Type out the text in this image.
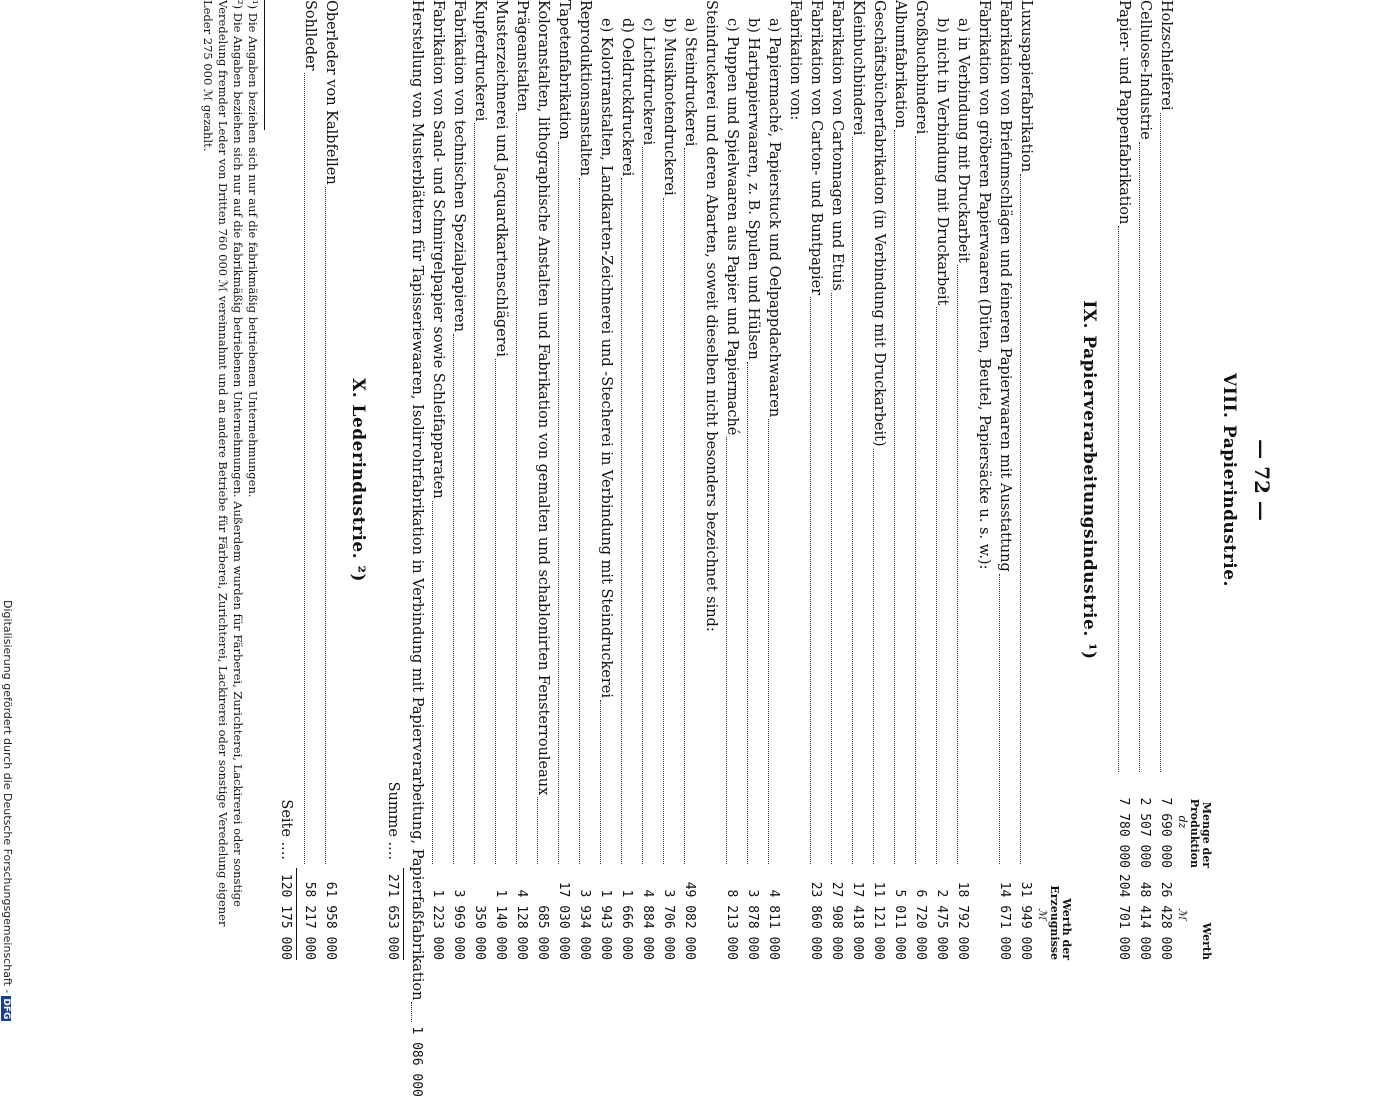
— 72 —
VIII. Papierindustrie.
Menge der Produktion
Werth
dz
ℳ
Holzschleiferei
7 690 000
26 428 000
Cellulose-Industrie
2 507 000
48 414 000
Papier- und Pappenfabrikation
7 780 000
204 701 000
IX. Papierverarbeitungsindustrie. ¹)
Werth der Erzeugnisse
ℳ
Luxuspapierfabrikation
31 949 000
Fabrikation von Briefumschlägen und feineren Papierwaaren mit Ausstattung
14 671 000
Fabrikation von gröberen Papierwaaren (Düten, Beutel, Papiersäcke u. s. w.):
a) in Verbindung mit Druckarbeit
18 792 000
b) nicht in Verbindung mit Druckarbeit
2 475 000
Großbuchbinderei
6 720 000
Albumfabrikation
5 011 000
Geschäftsbücherfabrikation (in Verbindung mit Druckarbeit)
11 121 000
Kleinbuchbinderei
17 418 000
Fabrikation von Cartonnagen und Etuis
27 908 000
Fabrikation von Carton- und Buntpapier
23 860 000
Fabrikation von:
a) Papiermaché, Papierstuck und Oelpappdachwaaren
4 811 000
b) Hartpapierwaaren, z. B. Spulen und Hülsen
3 878 000
c) Puppen und Spielwaaren aus Papier und Papiermaché
8 213 000
Steindruckerei und deren Abarten, soweit dieselben nicht besonders bezeichnet sind:
a) Steindruckerei
49 082 000
b) Musiknotendruckerei
3 706 000
c) Lichtdruckerei
4 884 000
d) Oeldruckdruckerei
1 666 000
e) Koloriranstalten, Landkarten-Zeichnerei und -Stecherei in Verbindung mit Steindruckerei
1 943 000
Reproduktionsanstalten
3 934 000
Tapetenfabrikation
17 030 000
Koloranstalten, lithographische Anstalten und Fabrikation von gemalten und schablonirten Fensterrouleaux
685 000
Prägeanstalten
4 128 000
Musterzeichnerei und Jacquardkartenschlägerei
1 140 000
Kupferdruckerei
350 000
Fabrikation von technischen Spezialpapieren
3 969 000
Fabrikation von Sand- und Schmirgelpapier sowie Schleifapparaten
1 223 000
Herstellung von Musterblättern für Tapisseriewaaren, Isolirrohrfabrikation in Verbindung mit Papierverarbeitung, Papierfaßfabrikation
1 086 000
Summe ....
271 653 000
X. Lederindustrie. ²)
Oberleder von Kalbfellen
61 958 000
Sohlleder
58 217 000
Seite ....
120 175 000
¹) Die Angaben beziehen sich nur auf die fabrikmäßig betriebenen Unternehmungen.
²) Die Angaben beziehen sich nur auf die fabrikmäßig betriebenen Unternehmungen. Außerdem wurden für Färberei, Zurichterei, Lackirerei oder sonstige Veredelung fremder Leder von Dritten 760 000 ℳ vereinnahmt und an andere Betriebe für Färberei, Zurichterei, Lackirerei oder sonstige Veredelung eigener Leder 275 000 ℳ gezahlt.
Digitalisierung gefördert durch die Deutsche Forschungsgemeinschaft -DFG
